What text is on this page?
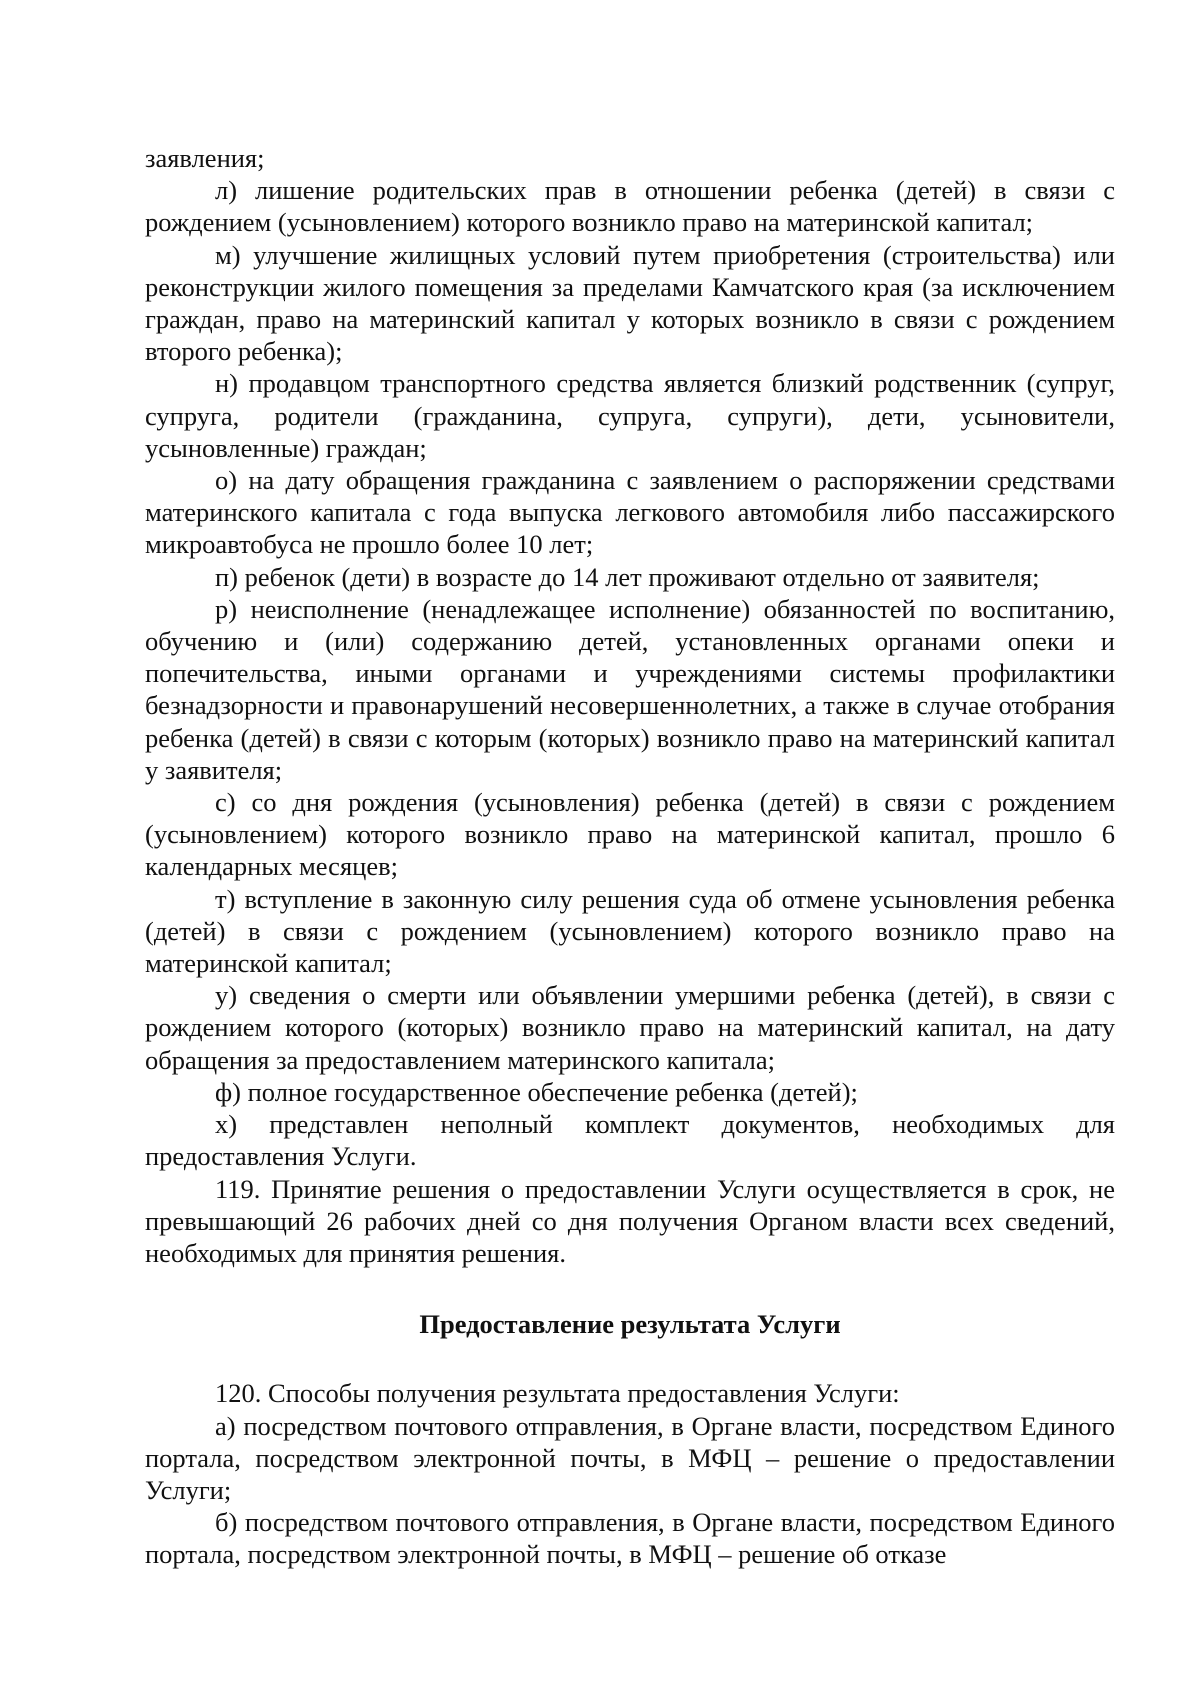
заявления;

л) лишение родительских прав в отношении ребенка (детей) в связи с рождением (усыновлением) которого возникло право на материнской капитал;

м) улучшение жилищных условий путем приобретения (строительства) или реконструкции жилого помещения за пределами Камчатского края (за исключением граждан, право на материнский капитал у которых возникло в связи с рождением второго ребенка);

н) продавцом транспортного средства является близкий родственник (супруг, супруга, родители (гражданина, супруга, супруги), дети, усыновители, усыновленные) граждан;

о) на дату обращения гражданина с заявлением о распоряжении средствами материнского капитала с года выпуска легкового автомобиля либо пассажирского микроавтобуса не прошло более 10 лет;

п) ребенок (дети) в возрасте до 14 лет проживают отдельно от заявителя;

р) неисполнение (ненадлежащее исполнение) обязанностей по воспитанию, обучению и (или) содержанию детей, установленных органами опеки и попечительства, иными органами и учреждениями системы профилактики безнадзорности и правонарушений несовершеннолетних, а также в случае отобрания ребенка (детей) в связи с которым (которых) возникло право на материнский капитал у заявителя;

с) со дня рождения (усыновления) ребенка (детей) в связи с рождением (усыновлением) которого возникло право на материнской капитал, прошло 6 календарных месяцев;

т) вступление в законную силу решения суда об отмене усыновления ребенка (детей) в связи с рождением (усыновлением) которого возникло право на материнской капитал;

у) сведения о смерти или объявлении умершими ребенка (детей), в связи с рождением которого (которых) возникло право на материнский капитал, на дату обращения за предоставлением материнского капитала;

ф) полное государственное обеспечение ребенка (детей);

х) представлен неполный комплект документов, необходимых для предоставления Услуги.

119. Принятие решения о предоставлении Услуги осуществляется в срок, не превышающий 26 рабочих дней со дня получения Органом власти всех сведений, необходимых для принятия решения.

Предоставление результата Услуги

120. Способы получения результата предоставления Услуги:

а) посредством почтового отправления, в Органе власти, посредством Единого портала, посредством электронной почты, в МФЦ – решение о предоставлении Услуги;

б) посредством почтового отправления, в Органе власти, посредством Единого портала, посредством электронной почты, в МФЦ – решение об отказе
